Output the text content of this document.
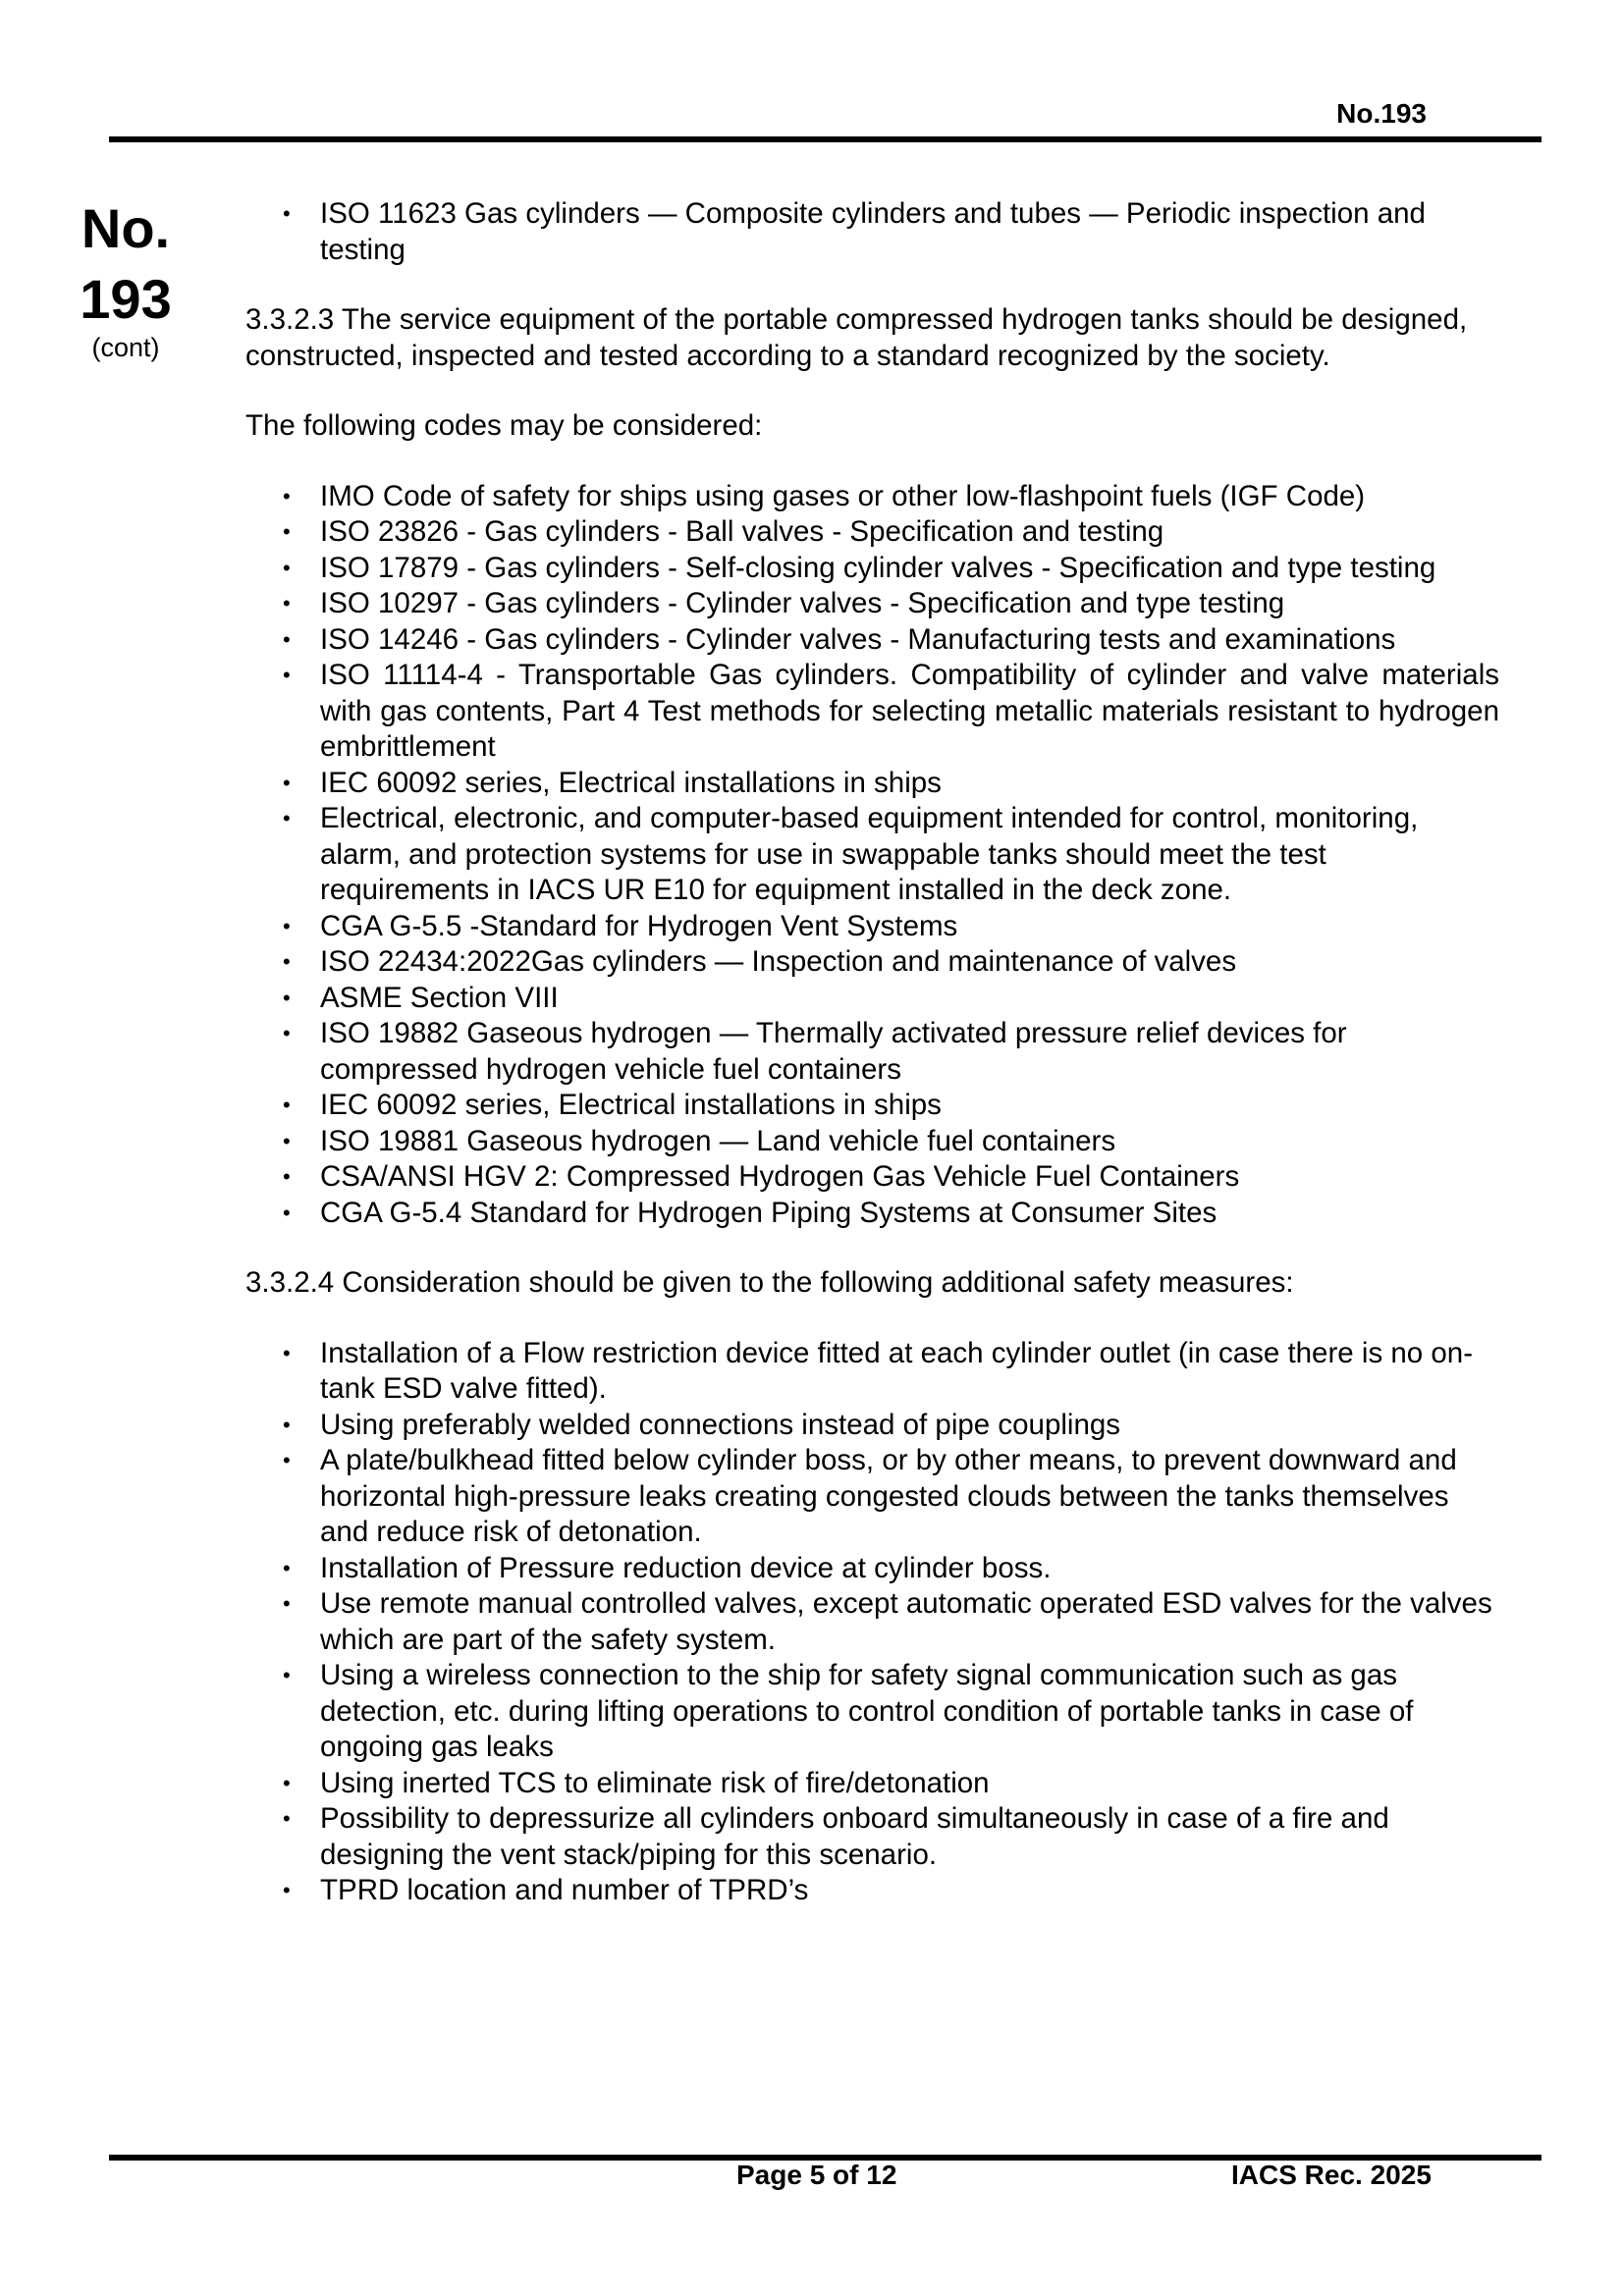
No.193
No.
193
(cont)
• ISO 11623 Gas cylinders — Composite cylinders and tubes — Periodic inspection and testing

3.3.2.3 The service equipment of the portable compressed hydrogen tanks should be designed, constructed, inspected and tested according to a standard recognized by the society.

The following codes may be considered:

• IMO Code of safety for ships using gases or other low-flashpoint fuels (IGF Code)
• ISO 23826 - Gas cylinders - Ball valves - Specification and testing
• ISO 17879 - Gas cylinders - Self-closing cylinder valves - Specification and type testing
• ISO 10297 - Gas cylinders - Cylinder valves - Specification and type testing
• ISO 14246 - Gas cylinders - Cylinder valves - Manufacturing tests and examinations
• ISO 11114-4 - Transportable Gas cylinders. Compatibility of cylinder and valve materials with gas contents, Part 4 Test methods for selecting metallic materials resistant to hydrogen embrittlement
• IEC 60092 series, Electrical installations in ships
• Electrical, electronic, and computer-based equipment intended for control, monitoring, alarm, and protection systems for use in swappable tanks should meet the test requirements in IACS UR E10 for equipment installed in the deck zone.
• CGA G-5.5 -Standard for Hydrogen Vent Systems
• ISO 22434:2022Gas cylinders — Inspection and maintenance of valves
• ASME Section VIII
• ISO 19882 Gaseous hydrogen — Thermally activated pressure relief devices for compressed hydrogen vehicle fuel containers
• IEC 60092 series, Electrical installations in ships
• ISO 19881 Gaseous hydrogen — Land vehicle fuel containers
• CSA/ANSI HGV 2: Compressed Hydrogen Gas Vehicle Fuel Containers
• CGA G-5.4 Standard for Hydrogen Piping Systems at Consumer Sites

3.3.2.4 Consideration should be given to the following additional safety measures:

• Installation of a Flow restriction device fitted at each cylinder outlet (in case there is no on-tank ESD valve fitted).
• Using preferably welded connections instead of pipe couplings
• A plate/bulkhead fitted below cylinder boss, or by other means, to prevent downward and horizontal high-pressure leaks creating congested clouds between the tanks themselves and reduce risk of detonation.
• Installation of Pressure reduction device at cylinder boss.
• Use remote manual controlled valves, except automatic operated ESD valves for the valves which are part of the safety system.
• Using a wireless connection to the ship for safety signal communication such as gas detection, etc. during lifting operations to control condition of portable tanks in case of ongoing gas leaks
• Using inerted TCS to eliminate risk of fire/detonation
• Possibility to depressurize all cylinders onboard simultaneously in case of a fire and designing the vent stack/piping for this scenario.
• TPRD location and number of TPRD’s
Page 5 of 12	IACS Rec. 2025
